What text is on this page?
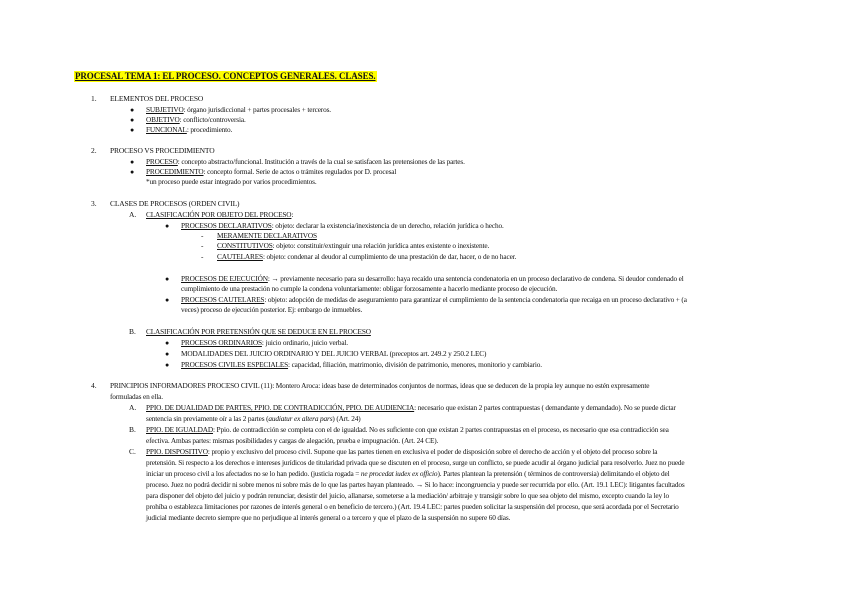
PROCESAL TEMA 1: EL PROCESO. CONCEPTOS GENERALES. CLASES.
1. ELEMENTOS DEL PROCESO
● SUBJETIVO: órgano jurisdiccional + partes procesales + terceros.
● OBJETIVO: conflicto/controversia.
● FUNCIONAL: procedimiento.
2. PROCESO VS PROCEDIMIENTO
● PROCESO: concepto abstracto/funcional. Institución a través de la cual se satisfacen las pretensiones de las partes.
● PROCEDIMIENTO: concepto formal. Serie de actos o trámites regulados por D. procesal
*un proceso puede estar integrado por varios procedimientos.
3. CLASES DE PROCESOS (ORDEN CIVIL)
A. CLASIFICACIÓN POR OBJETO DEL PROCESO:
● PROCESOS DECLARATIVOS: objeto: declarar la existencia/inexistencia de un derecho, relación jurídica o hecho.
- MERAMENTE DECLARATIVOS
- CONSTITUTIVOS: objeto: constituir/extinguir una relación jurídica antes existente o inexistente.
- CAUTELARES: objeto: condenar al deudor al cumplimiento de una prestación de dar, hacer, o de no hacer.
● PROCESOS DE EJECUCIÓN: → previamente necesario para su desarrollo: haya recaído una sentencia condenatoria en un proceso declarativo de condena. Si deudor condenado el
cumplimiento de una prestación no cumple la condena voluntariamente: obligar forzosamente a hacerlo mediante proceso de ejecución.
● PROCESOS CAUTELARES: objeto: adopción de medidas de aseguramiento para garantizar el cumplimiento de la sentencia condenatoria que recaiga en un proceso declarativo + (a
veces) proceso de ejecución posterior. Ej: embargo de inmuebles.
B. CLASIFICACIÓN POR PRETENSIÓN QUE SE DEDUCE EN EL PROCESO
● PROCESOS ORDINARIOS: juicio ordinario, juicio verbal.
● MODALIDADES DEL JUICIO ORDINARIO Y DEL JUICIO VERBAL (preceptos art. 249.2 y 250.2 LEC)
● PROCESOS CIVILES ESPECIALES: capacidad, filiación, matrimonio, división de patrimonio, menores, monitorio y cambiario.
4. PRINCIPIOS INFORMADORES PROCESO CIVIL (11): Montero Aroca: ideas base de determinados conjuntos de normas, ideas que se deducen de la propia ley aunque no estén expresamente
formuladas en ella.
A. PPIO. DE DUALIDAD DE PARTES, PPIO. DE CONTRADICCIÓN, PPIO. DE AUDIENCIA: necesario que existan 2 partes contrapuestas ( demandante y demandado). No se puede dictar
sentencia sin previamente oír a las 2 partes (audiatur ex altera pars) (Art. 24)
B. PPIO. DE IGUALDAD: Ppio. de contradicción se completa con el de igualdad. No es suficiente con que existan 2 partes contrapuestas en el proceso, es necesario que esa contradicción sea
efectiva. Ambas partes: mismas posibilidades y cargas de alegación, prueba e impugnación. (Art. 24 CE).
C. PPIO. DISPOSITIVO: propio y exclusivo del proceso civil. Supone que las partes tienen en exclusiva el poder de disposición sobre el derecho de acción y el objeto del proceso sobre la
pretensión. Si respecto a los derechos e intereses jurídicos de titularidad privada que se discuten en el proceso, surge un conflicto, se puede acudir al órgano judicial para resolverlo. Juez no puede
iniciar un proceso civil a los afectados no se lo han pedido. (justicia rogada = ne procedat iudex ex officio). Partes plantean la pretensión ( términos de controversia) delimitando el objeto del
proceso. Juez no podrá decidir ni sobre menos ni sobre más de lo que las partes hayan planteado. → Si lo hace: incongruencia y puede ser recurrida por ello. (Art. 19.1 LEC): litigantes facultados
para disponer del objeto del juicio y podrán renunciar, desistir del juicio, allanarse, someterse a la mediación/ arbitraje y transigir sobre lo que sea objeto del mismo, excepto cuando la ley lo
prohíba o establezca limitaciones por razones de interés general o en beneficio de tercero.) (Art. 19.4 LEC: partes pueden solicitar la suspensión del proceso, que será acordada por el Secretario
judicial mediante decreto siempre que no perjudique al interés general o a tercero y que el plazo de la suspensión no supere 60 días.
